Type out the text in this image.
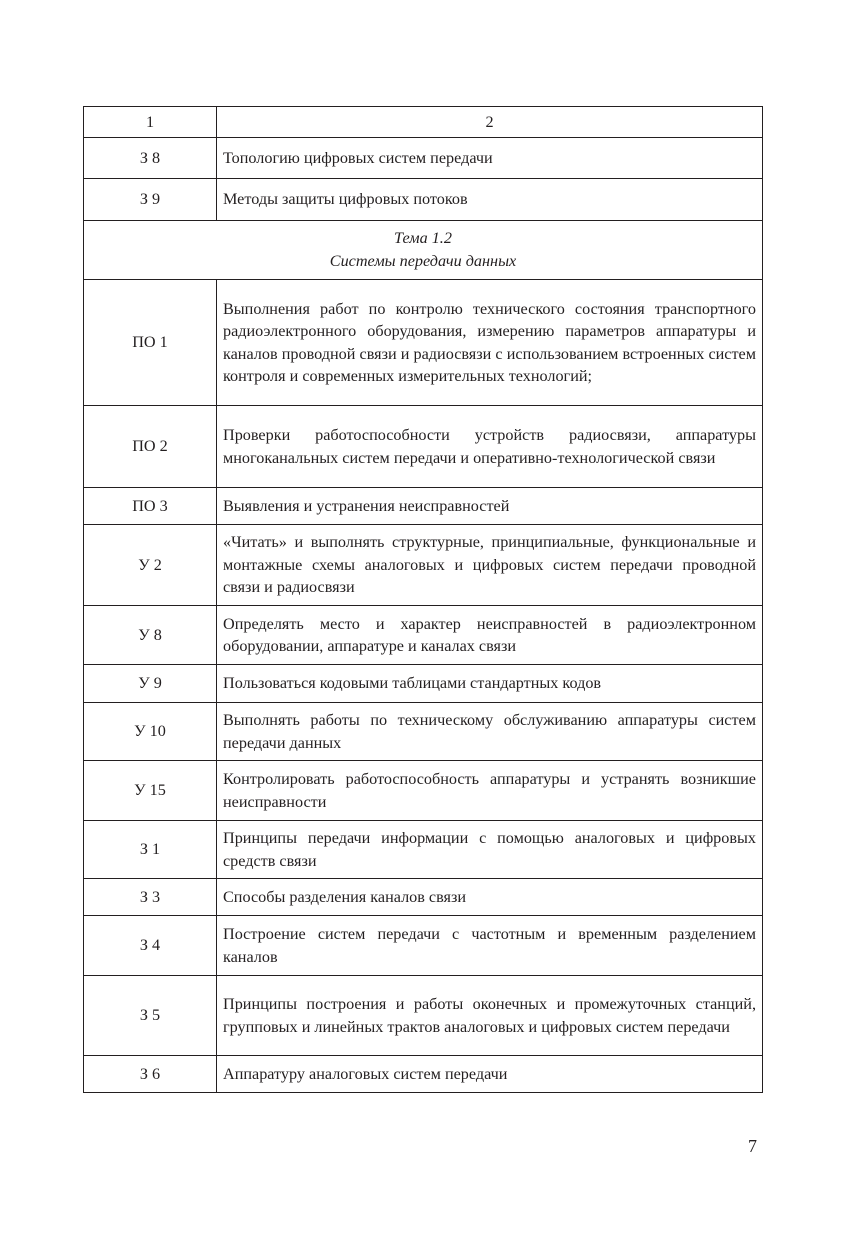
1	2
З 8	Топологию цифровых систем передачи
З 9	Методы защиты цифровых потоков

Тема 1.2
Системы передачи данных	

ПО 1	Выполнения работ по контролю технического состояния транспортного радиоэлектронного оборудования, измерению параметров аппаратуры и каналов проводной связи и радиосвязи с использованием встроенных систем контроля и современных измерительных технологий;
ПО 2	Проверки работоспособности устройств радиосвязи, аппаратуры многоканальных систем передачи и оперативно-технологической связи
ПО 3	Выявления и устранения неисправностей
У 2	«Читать» и выполнять структурные, принципиальные, функциональные и монтажные схемы аналоговых и цифровых систем передачи проводной связи и радиосвязи
У 8	Определять место и характер неисправностей в радиоэлектронном оборудовании, аппаратуре и каналах связи
У 9	Пользоваться кодовыми таблицами стандартных кодов
У 10	Выполнять работы по техническому обслуживанию аппаратуры систем передачи данных
У 15	Контролировать работоспособность аппаратуры и устранять возникшие неисправности
З 1	Принципы передачи информации с помощью аналоговых и цифровых средств связи
З 3	Способы разделения каналов связи
З 4	Построение систем передачи с частотным и временным разделением каналов
З 5	Принципы построения и работы оконечных и промежуточных станций, групповых и линейных трактов аналоговых и цифровых систем передачи
З 6	Аппаратуру аналоговых систем передачи
7
